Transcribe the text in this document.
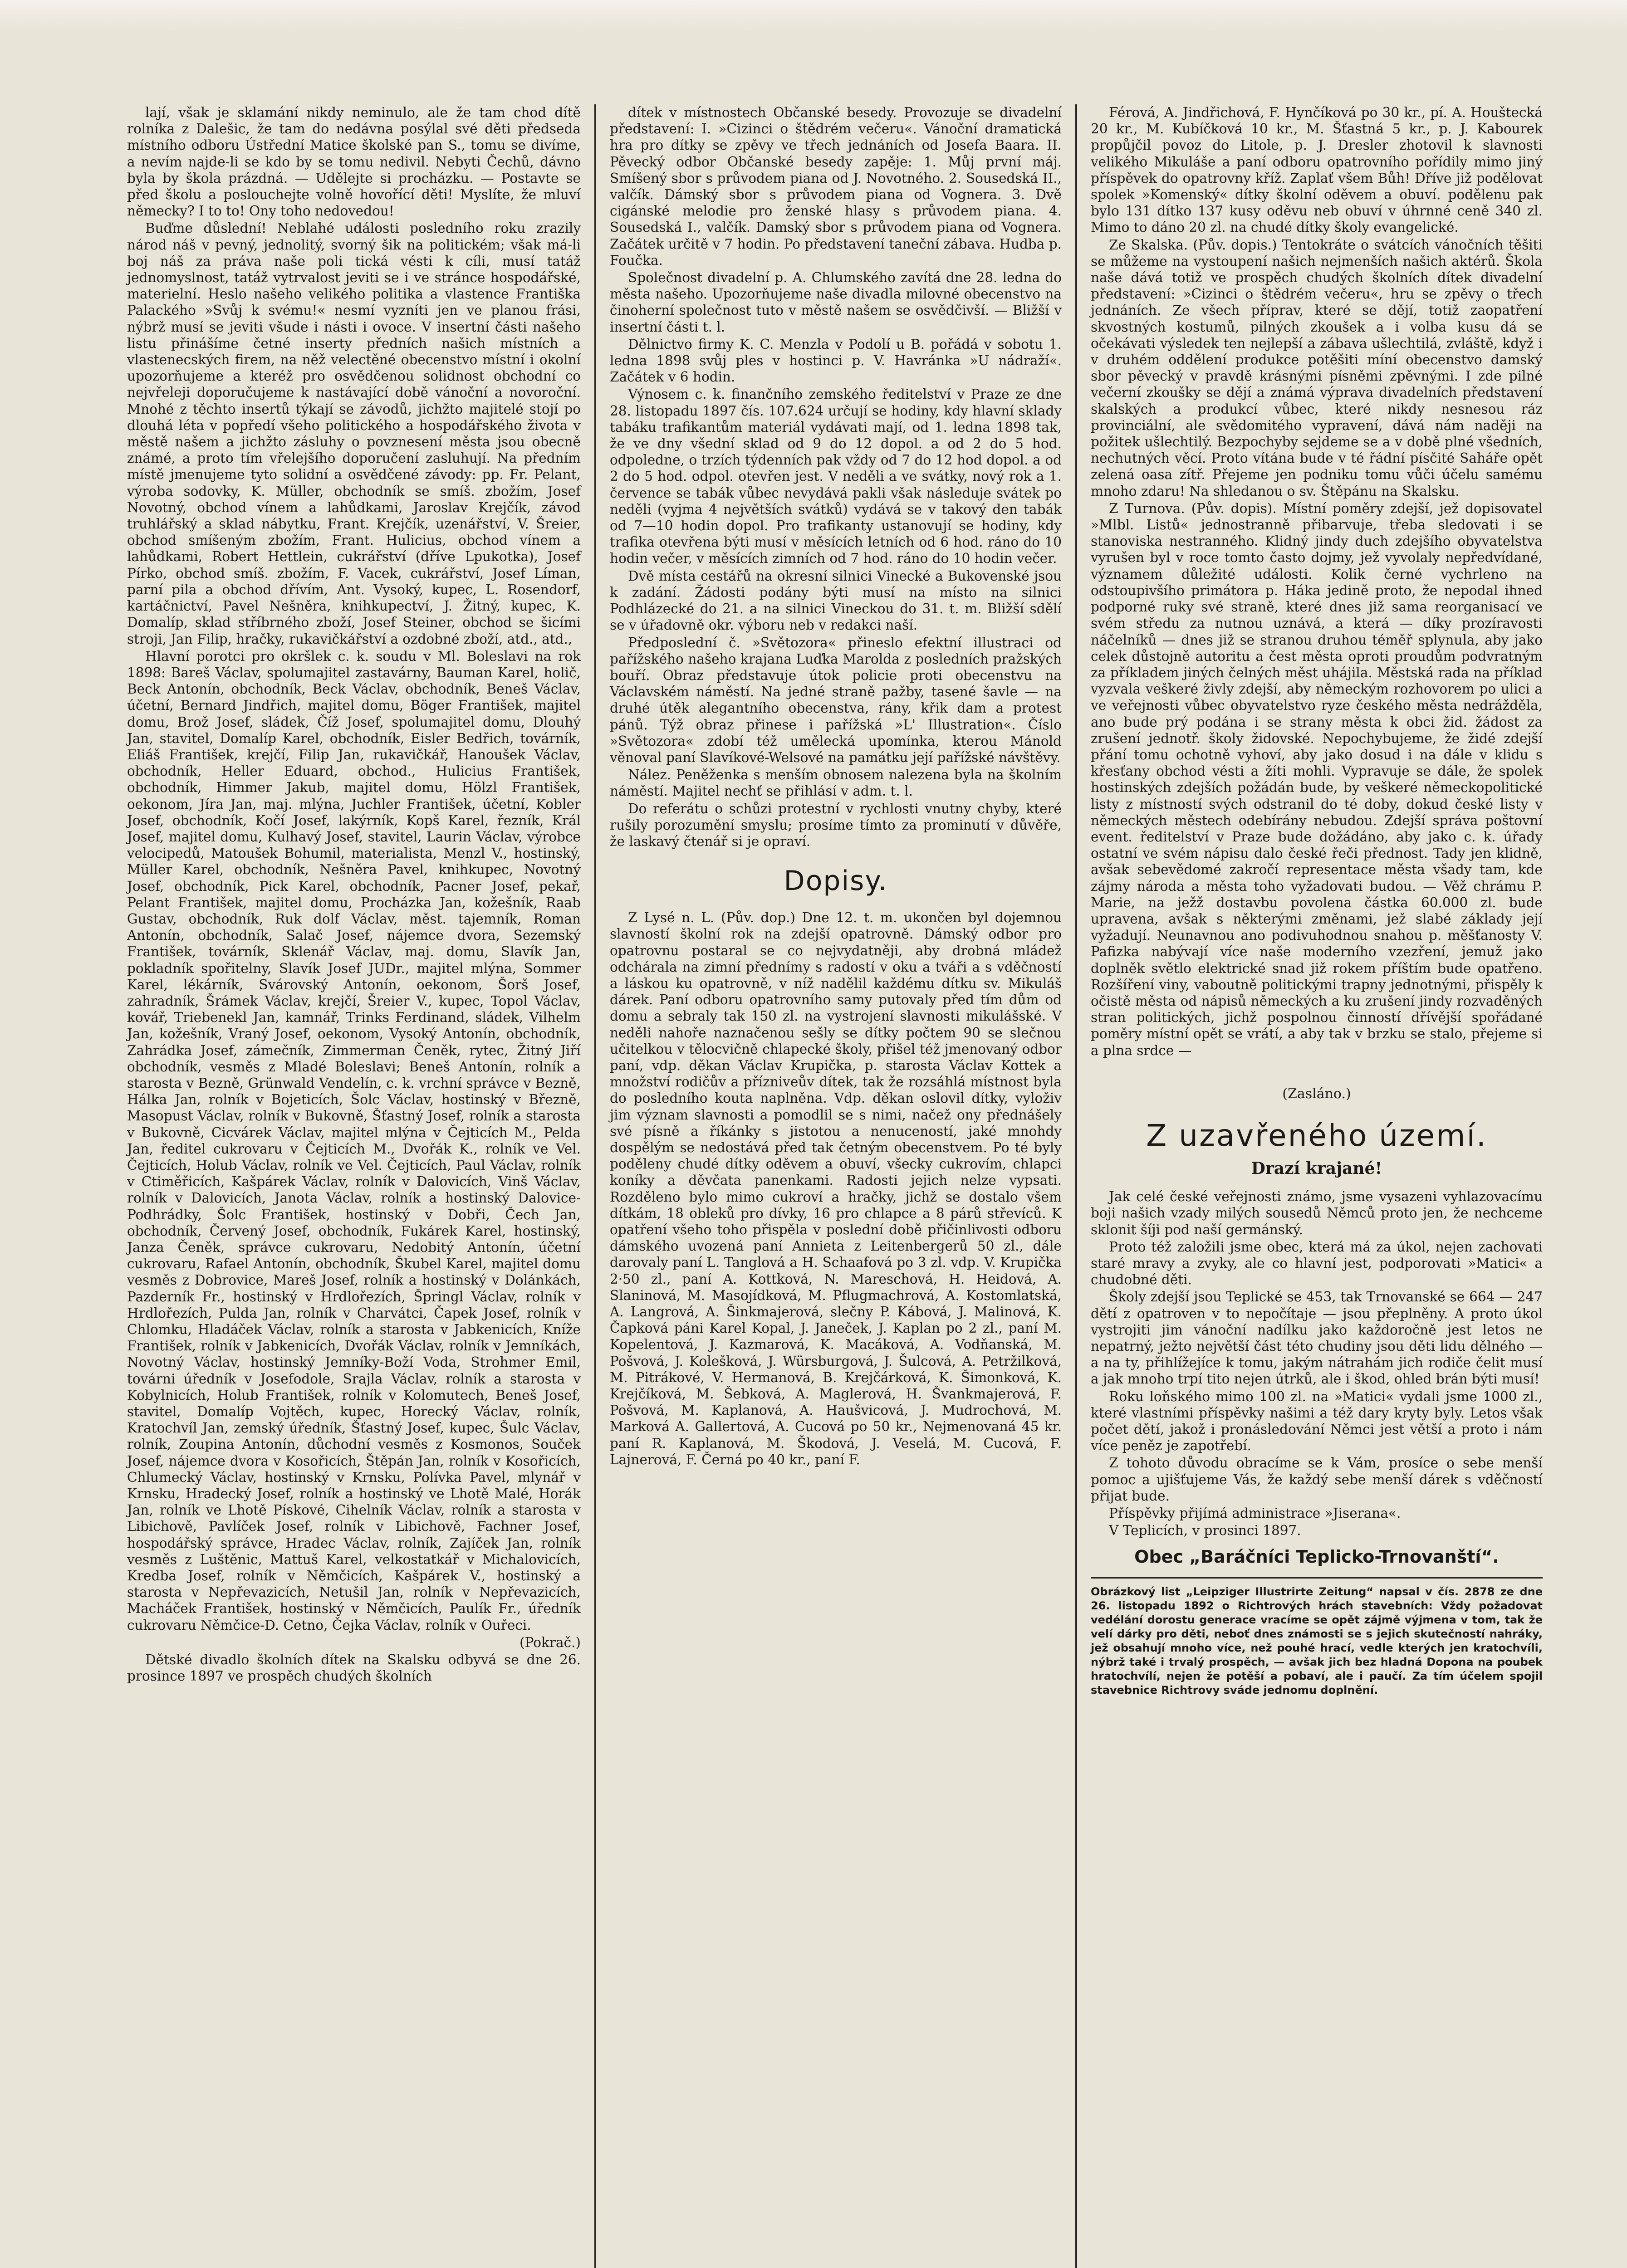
lají, však je sklamání nikdy neminulo, ale že tam chod dítě rolníka z Dalešic, že tam do nedávna posýlal své děti předseda místního odboru Ústřední Matice školské pan S., tomu se divíme, a nevím najde-li se kdo by se tomu nedivil. Nebyti Čechů, dávno byla by škola prázdná. — Udělejte si procházku. — Postavte se před školu a poslouchejte volně hovořící děti! Myslíte, že mluví německy? I to to! Ony toho nedovedou!

Buďme důslední! Neblahé události posledního roku zrazily národ náš v pevný, jednolitý, svorný šik na politickém; však má-li boj náš za práva naše poli tická vésti k cíli, musí tatáž jednomyslnost, tatáž vytrvalost jeviti se i ve stránce hospodářské, materielní. Heslo našeho velikého politika a vlastence Františka Palackého »Svůj k svému!« nesmí vyzníti jen ve planou frási, nýbrž musí se jeviti všude i násti i ovoce. V insertní části našeho listu přinášíme četné inserty předních našich místních a vlastenecských firem, na něž velectěné obecenstvo místní i okolní upozorňujeme a kteréž pro osvědčenou solidnost obchodní co nejvřeleji doporučujeme k nastávající době vánoční a novoroční. Mnohé z těchto insertů týkají se závodů, jichžto majitelé stojí po dlouhá léta v popředí všeho politického a hospodářského života v městě našem a jichžto zásluhy o povznesení města jsou obecně známé, a proto tím vřelejšího doporučení zasluhují. Na předním místě jmenujeme tyto solidní a osvědčené závody: pp. Fr. Pelant, výroba sodovky, K. Müller, obchodník se smíš. zbožím, Josef Novotný, obchod vínem a lahůdkami, Jaroslav Krejčík, závod truhlářský a sklad nábytku, Frant. Krejčík, uzenářství, V. Šreier, obchod smíšeným zbožím, Frant. Hulicius, obchod vínem a lahůdkami, Robert Hettlein, cukrářství (dříve Lpukotka), Josef Pírko, obchod smíš. zbožím, F. Vacek, cukrářství, Josef Líman, parní pila a obchod dřívím, Ant. Vysoký, kupec, L. Rosendorf, kartáčnictví, Pavel Nešněra, knihkupectví, J. Žitný, kupec, K. Domalíp, sklad stříbrného zboží, Josef Steiner, obchod se šicími stroji, Jan Filip, hračky, rukavičkářství a ozdobné zboží, atd., atd.,

Hlavní porotci pro okršlek c. k. soudu v Ml. Boleslavi na rok 1898: Bareš Václav, spolumajitel zastavárny, Bauman Karel, holič, Beck Antonín, obchodník, Beck Václav, obchodník, Beneš Václav, účetní, Bernard Jindřich, majitel domu, Böger František, majitel domu, Brož Josef, sládek, Číž Josef, spolumajitel domu, Dlouhý Jan, stavitel, Domalíp Karel, obchodník, Eisler Bedřich, továrník, Eliáš František, krejčí, Filip Jan, rukavičkář, Hanoušek Václav, obchodník, Heller Eduard, obchod., Hulicius František, obchodník, Himmer Jakub, majitel domu, Hölzl František, oekonom, Jíra Jan, maj. mlýna, Juchler František, účetní, Kobler Josef, obchodník, Kočí Josef, lakýrník, Kopš Karel, řezník, Král Josef, majitel domu, Kulhavý Josef, stavitel, Laurin Václav, výrobce velocipedů, Matoušek Bohumil, materialista, Menzl V., hostinský, Müller Karel, obchodník, Nešněra Pavel, knihkupec, Novotný Josef, obchodník, Pick Karel, obchodník, Pacner Josef, pekař, Pelant František, majitel domu, Procházka Jan, kožešník, Raab Gustav, obchodník, Ruk dolf Václav, měst. tajemník, Roman Antonín, obchodník, Salač Josef, nájemce dvora, Sezemský František, továrník, Sklenář Václav, maj. domu, Slavík Jan, pokladník spořitelny, Slavík Josef JUDr., majitel mlýna, Sommer Karel, lékárník, Svárovský Antonín, oekonom, Šorš Josef, zahradník, Šrámek Václav, krejčí, Šreier V., kupec, Topol Václav, kovář, Triebenekl Jan, kamnář, Trinks Ferdinand, sládek, Vilhelm Jan, kožešník, Vraný Josef, oekonom, Vysoký Antonín, obchodník, Zahrádka Josef, zámečník, Zimmerman Čeněk, rytec, Žitný Jiří obchodník, vesměs z Mladé Boleslavi; Beneš Antonín, rolník a starosta v Bezně, Grünwald Vendelín, c. k. vrchní správce v Bezně, Hálka Jan, rolník v Bojeticích, Šolc Václav, hostinský v Březně, Masopust Václav, rolník v Bukovně, Šťastný Josef, rolník a starosta v Bukovně, Cicvárek Václav, majitel mlýna v Čejticích M., Pelda Jan, ředitel cukrovaru v Čejticích M., Dvořák K., rolník ve Vel. Čejticích, Holub Václav, rolník ve Vel. Čejticích, Paul Václav, rolník v Ctiměřicích, Kašpárek Václav, rolník v Dalovicích, Vinš Václav, rolník v Dalovicích, Janota Václav, rolník a hostinský Dalovice-Podhrádky, Šolc František, hostinský v Dobři, Čech Jan, obchodník, Červený Josef, obchodník, Fukárek Karel, hostinský, Janza Čeněk, správce cukrovaru, Nedobitý Antonín, účetní cukrovaru, Rafael Antonín, obchodník, Škubel Karel, majitel domu vesměs z Dobrovice, Mareš Josef, rolník a hostinský v Dolánkách, Pazderník Fr., hostinský v Hrdlořezích, Špringl Václav, rolník v Hrdlořezích, Pulda Jan, rolník v Charvátci, Čapek Josef, rolník v Chlomku, Hladáček Václav, rolník a starosta v Jabkenicích, Kníže František, rolník v Jabkenicích, Dvořák Václav, rolník v Jemníkách, Novotný Václav, hostinský Jemníky-Boží Voda, Strohmer Emil, továrni úředník v Josefodole, Srajla Václav, rolník a starosta v Kobylnicích, Holub František, rolník v Kolomutech, Beneš Josef, stavitel, Domalíp Vojtěch, kupec, Horecký Václav, rolník, Kratochvíl Jan, zemský úředník, Šťastný Josef, kupec, Šulc Václav, rolník, Zoupina Antonín, důchodní vesměs z Kosmonos, Souček Josef, nájemce dvora v Kosořicích, Štěpán Jan, rolník v Kosořicích, Chlumecký Václav, hostinský v Krnsku, Polívka Pavel, mlynář v Krnsku, Hradecký Josef, rolník a hostinský ve Lhotě Malé, Horák Jan, rolník ve Lhotě Pískové, Cihelník Václav, rolník a starosta v Libichově, Pavlíček Josef, rolník v Libichově, Fachner Josef, hospodářský správce, Hradec Václav, rolník, Zajíček Jan, rolník vesměs z Luštěnic, Mattuš Karel, velkostatkář v Michalovicích, Kredba Josef, rolník v Němčicích, Kašpárek V., hostinský a starosta v Nepřevazicích, Netušil Jan, rolník v Nepřevazicích, Macháček František, hostinský v Němčicích, Paulík Fr., úředník cukrovaru Němčice-D. Cetno, Čejka Václav, rolník v Ouřeci.

(Pokrač.)

Dětské divadlo školních dítek na Skalsku odbyvá se dne 26. prosince 1897 ve prospěch chudých školních

dítek v místnostech Občanské besedy. Provozuje se divadelní představení: I. »Cizinci o štědrém večeru«. Vánoční dramatická hra pro dítky se zpěvy ve třech jednáních od Josefa Baara. II. Pěvecký odbor Občanské besedy zapěje: 1. Můj první máj. Smíšený sbor s průvodem piana od J. Novotného. 2. Sousedská II., valčík. Dámský sbor s průvodem piana od Vognera. 3. Dvě cigánské melodie pro ženské hlasy s průvodem piana. 4. Sousedská I., valčík. Damský sbor s průvodem piana od Vognera. Začátek určitě v 7 hodin. Po představení taneční zábava. Hudba p. Foučka.

Společnost divadelní p. A. Chlumského zavítá dne 28. ledna do města našeho. Upozorňujeme naše divadla milovné obecenstvo na činoherní společnost tuto v městě našem se osvědčivší. — Bližší v insertní části t. l.

Dělnictvo firmy K. C. Menzla v Podolí u B. pořádá v sobotu 1. ledna 1898 svůj ples v hostinci p. V. Havránka »U nádraží«. Začátek v 6 hodin.

Výnosem c. k. finančního zemského ředitelství v Praze ze dne 28. listopadu 1897 čís. 107.624 určují se hodiny, kdy hlavní sklady tabáku trafikantům materiál vydávati mají, od 1. ledna 1898 tak, že ve dny všední sklad od 9 do 12 dopol. a od 2 do 5 hod. odpoledne, o trzích týdenních pak vždy od 7 do 12 hod dopol. a od 2 do 5 hod. odpol. otevřen jest. V neděli a ve svátky, nový rok a 1. července se tabák vůbec nevydává pakli však následuje svátek po neděli (vyjma 4 největších svátků) vydává se v takový den tabák od 7—10 hodin dopol. Pro trafikanty ustanovují se hodiny, kdy trafika otevřena býti musí v měsících letních od 6 hod. ráno do 10 hodin večer, v měsících zimních od 7 hod. ráno do 10 hodin večer.

Dvě místa cestářů na okresní silnici Vinecké a Bukovenské jsou k zadání. Žádosti podány býti musí na místo na silnici Podhlázecké do 21. a na silnici Vineckou do 31. t. m. Bližší sdělí se v úřadovně okr. výboru neb v redakci naší.

Předposlední č. »Světozora« přineslo efektní illustraci od pařížského našeho krajana Luďka Marolda z posledních pražských bouří. Obraz představuje útok policie proti obecenstvu na Václavském náměstí. Na jedné straně pažby, tasené šavle — na druhé útěk alegantního obecenstva, rány, křik dam a protest pánů. Týž obraz přinese i pařížská »L' Illustration«. Číslo »Světozora« zdobí též umělecká upomínka, kterou Mánold věnoval paní Slavíkové-Welsové na památku její pařížské návštěvy.

Nález. Peněženka s menším obnosem nalezena byla na školním náměstí. Majitel nechť se přihlásí v adm. t. l.

Do referátu o schůzi protestní v rychlosti vnutny chyby, které rušily porozumění smyslu; prosíme tímto za prominutí v důvěře, že laskavý čtenář si je opraví.

Dopisy.

Z Lysé n. L. (Pův. dop.) Dne 12. t. m. ukončen byl dojemnou slavností školní rok na zdejší opatrovně. Dámský odbor pro opatrovnu postaral se co nejvydatněji, aby drobná mládež odchárala na zimní přednímy s radostí v oku a tváři a s vděčností a láskou ku opatrovně, v níž nadělil každému dítku sv. Mikuláš dárek. Paní odboru opatrovního samy putovaly před tím dům od domu a sebraly tak 150 zl. na vystrojení slavnosti mikulášské. V neděli nahoře naznačenou sešly se dítky počtem 90 se slečnou učitelkou v tělocvičně chlapecké školy, přišel též jmenovaný odbor paní, vdp. děkan Václav Krupička, p. starosta Václav Kottek a množství rodičův a přízniveův dítek, tak že rozsáhlá místnost byla do posledního kouta naplněna. Vdp. děkan oslovil dítky, vyloživ jim význam slavnosti a pomodlil se s nimi, načež ony přednášely své písně a říkánky s jistotou a nenuceností, jaké mnohdy dospělým se nedostává před tak četným obecenstvem. Po té byly poděleny chudé dítky oděvem a obuví, všecky cukrovím, chlapci koníky a děvčata panenkami. Radosti jejich nelze vypsati. Rozděleno bylo mimo cukroví a hračky, jichž se dostalo všem dítkám, 18 obleků pro dívky, 16 pro chlapce a 8 párů střevíců. K opatření všeho toho přispěla v poslední době přičinlivosti odboru dámského uvozená paní Annieta z Leitenbergerů 50 zl., dále darovaly paní L. Tanglová a H. Schaafová po 3 zl. vdp. V. Krupička 2·50 zl., paní A. Kottková, N. Mareschová, H. Heidová, A. Slaninová, M. Masojídková, M. Pflugmachrová, A. Kostomlatská, A. Langrová, A. Šinkmajerová, slečny P. Kábová, J. Malinová, K. Čapková páni Karel Kopal, J. Janeček, J. Kaplan po 2 zl., paní M. Kopelentová, J. Kazmarová, K. Macáková, A. Vodňanská, M. Pošvová, J. Kolešková, J. Würsburgová, J. Šulcová, A. Petržilková, M. Pitrákové, V. Hermanová, B. Krejčárková, K. Šimonková, K. Krejčíková, M. Šebková, A. Maglerová, H. Švankmajerová, F. Pošvová, M. Kaplanová, A. Haušvicová, J. Mudrochová, M. Marková A. Gallertová, A. Cucová po 50 kr., Nejmenovaná 45 kr. paní R. Kaplanová, M. Škodová, J. Veselá, M. Cucová, F. Lajnerová, F. Černá po 40 kr., paní F.

Férová, A. Jindřichová, F. Hynčíková po 30 kr., pí. A. Houštecká 20 kr., M. Kubíčková 10 kr., M. Šťastná 5 kr., p. J. Kabourek propůjčil povoz do Litole, p. J. Dresler zhotovil k slavnosti velikého Mikuláše a paní odboru opatrovního pořídily mimo jiný příspěvek do opatrovny kříž. Zaplať všem Bůh! Dříve již podělovat spolek »Komenský« dítky školní oděvem a obuví. podělenu pak bylo 131 dítko 137 kusy oděvu neb obuví v úhrnné ceně 340 zl. Mimo to dáno 20 zl. na chudé dítky školy evangelické.

Ze Skalska. (Pův. dopis.) Tentokráte o svátcích vánočních těšiti se můžeme na vystoupení našich nejmenších našich aktérů. Škola naše dává totiž ve prospěch chudých školních dítek divadelní představení: »Cizinci o štědrém večeru«, hru se zpěvy o třech jednáních. Ze všech příprav, které se dějí, totiž zaopatření skvostných kostumů, pilných zkoušek a i volba kusu dá se očekávati výsledek ten nejlepší a zábava ušlechtilá, zvláště, když i v druhém oddělení produkce potěšiti míní obecenstvo damský sbor pěvecký v pravdě krásnými písněmi zpěvnými. I zde pilné večerní zkoušky se dějí a známá výprava divadelních představení skalských a produkcí vůbec, které nikdy nesnesou ráz provinciální, ale svědomitého vypravení, dává nám naději na požitek ušlechtilý. Bezpochyby sejdeme se a v době plné všedních, nechutných věcí. Proto vítána bude v té řádní písčité Saháře opět zelená oasa zítř. Přejeme jen podniku tomu vůči účelu samému mnoho zdaru! Na shledanou o sv. Štěpánu na Skalsku.

Z Turnova. (Pův. dopis). Místní poměry zdejší, jež dopisovatel »Mlbl. Listů« jednostranně přibarvuje, třeba sledovati i se stanoviska nestranného. Klidný jindy duch zdejšího obyvatelstva vyrušen byl v roce tomto často dojmy, jež vyvolaly nepředvídané, významem důležité události. Kolik černé vychrleno na odstoupivšího primátora p. Háka jedině proto, že nepodal ihned podporné ruky své straně, které dnes již sama reorganisací ve svém středu za nutnou uznává, a která — díky prozíravosti náčelníků — dnes již se stranou druhou téměř splynula, aby jako celek důstojně autoritu a čest města oproti proudům podvratným za příkladem jiných čelných měst uhájila. Městská rada na příklad vyzvala veškeré živly zdejší, aby německým rozhovorem po ulici a ve veřejnosti vůbec obyvatelstvo ryze českého města nedrážděla, ano bude prý podána i se strany města k obci žid. žádost za zrušení jednotř. školy židovské. Nepochybujeme, že židé zdejší přání tomu ochotně vyhoví, aby jako dosud i na dále v klidu s křesťany obchod vésti a žíti mohli. Vypravuje se dále, že spolek hostinských zdejších požádán bude, by veškeré německopolitické listy z místností svých odstranil do té doby, dokud české listy v německých městech odebírány nebudou. Zdejší správa poštovní event. ředitelství v Praze bude dožádáno, aby jako c. k. úřady ostatní ve svém nápisu dalo české řeči přednost. Tady jen klidně, avšak sebevědomé zakročí representace města všady tam, kde zájmy národa a města toho vyžadovati budou. — Věž chrámu P. Marie, na ježž dostavbu povolena částka 60.000 zl. bude upravena, avšak s některými změnami, jež slabé základy její vyžadují. Neunavnou ano podivuhodnou snahou p. měšťanosty V. Pafizka nabývají více naše moderního vzezření, jemuž jako doplněk světlo elektrické snad již rokem příštím bude opatřeno. Rozšíření viny, vaboutně politickými trapny jednotnými, přispěly k očistě města od nápisů německých a ku zrušení jindy rozvaděných stran politických, jichž pospolnou činností dřívější spořádané poměry místní opět se vrátí, a aby tak v brzku se stalo, přejeme si a plna srdce —

(Zasláno.)
Z uzavřeného území.
Drazí krajané!

Jak celé české veřejnosti známo, jsme vysazeni vyhlazovacímu boji našich vzady milých sousedů Němců proto jen, že nechceme sklonit šíji pod naší germánský.

Proto též založili jsme obec, která má za úkol, nejen zachovati staré mravy a zvyky, ale co hlavní jest, podporovati »Matici« a chudobné děti.

Školy zdejší jsou Teplické se 453, tak Trnovanské se 664 — 247 dětí z opatroven v to nepočítaje — jsou přeplněny. A proto úkol vystrojiti jim vánoční nadílku jako každoročně jest letos ne nepatrný, ježto největší část této chudiny jsou děti lidu dělného — a na ty, přihlížejíce k tomu, jakým nátrahám jich rodiče čelit musí a jak mnoho trpí tito nejen útrků, ale i škod, ohled brán býti musí!

Roku loňského mimo 100 zl. na »Matici« vydali jsme 1000 zl., které vlastními příspěvky našimi a též dary kryty byly. Letos však počet dětí, jakož i pronásledování Němci jest větší a proto i nám více peněz je zapotřebí.

Z tohoto důvodu obracíme se k Vám, prosíce o sebe menší pomoc a ujišťujeme Vás, že každý sebe menší dárek s vděčností přijat bude.

Příspěvky přijímá administrace »Jiserana«.

V Teplicích, v prosinci 1897.

Obec „Baráčníci Teplicko-Trnovanští“.

Obrázkový list „Leipziger Illustrirte Zeitung“ napsal v čís. 2878 ze dne 26. listopadu 1892 o Richtrových hrách stavebních: Vždy požadovat vedélání dorostu generace vracíme se opět zájmě výjmena v tom, tak že velí dárky pro děti, neboť dnes známosti se s jejich skutečností nahráky, jež obsahují mnoho více, než pouhé hrací, vedle kterých jen kratochvíli, nýbrž také i trvalý prospěch, — avšak jich bez hladná Dopona na poubek hratochvílí, nejen že potěší a pobaví, ale i paučí. Za tím účelem spojil stavebnice Richtrovy sváde jednomu doplnění.
